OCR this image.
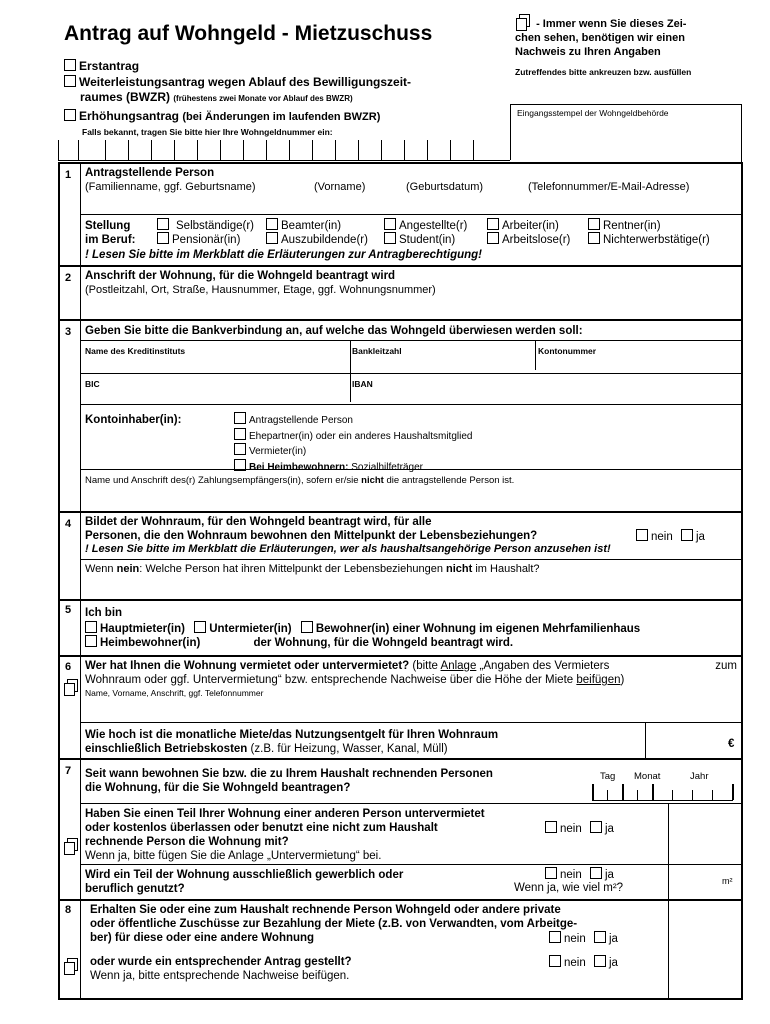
Antrag auf Wohngeld - Mietzuschuss	- Immer wenn Sie dieses Zei-
chen sehen, benötigen wir einen
Nachweis zu Ihren Angaben
Zutreffendes bitte ankreuzen bzw. ausfüllen
Erstantrag
Weiterleistungsantrag wegen Ablauf des Bewilligungszeit-
raumes (BWZR) (frühestens zwei Monate vor Ablauf des BWZR)
Erhöhungsantrag (bei Änderungen im laufenden BWZR)
Falls bekannt, tragen Sie bitte hier Ihre Wohngeldnummer ein:
Eingangsstempel der Wohngeldbehörde
1 Antragstellende Person
(Familienname, ggf. Geburtsname)	(Vorname)	(Geburtsdatum)	(Telefonnummer/E-Mail-Adresse)
Stellung
im Beruf:
Selbständige(r)	Beamter(in)	Angestellte(r)	Arbeiter(in)	Rentner(in)
Pensionär(in)	Auszubildende(r)	Student(in)	Arbeitslose(r)	Nichterwerbstätige(r)
! Lesen Sie bitte im Merkblatt die Erläuterungen zur Antragberechtigung!
2 Anschrift der Wohnung, für die Wohngeld beantragt wird
(Postleitzahl, Ort, Straße, Hausnummer, Etage, ggf. Wohnungsnummer)
3 Geben Sie bitte die Bankverbindung an, auf welche das Wohngeld überwiesen werden soll:
Name des Kreditinstituts	Bankleitzahl	Kontonummer
BIC	IBAN
Kontoinhaber(in):	Antragstellende Person
Ehepartner(in) oder ein anderes Haushaltsmitglied
Vermieter(in)
Bei Heimbewohnern: Sozialhilfeträger
Name und Anschrift des(r) Zahlungsempfängers(in), sofern er/sie nicht die antragstellende Person ist.
4 Bildet der Wohnraum, für den Wohngeld beantragt wird, für alle
Personen, die den Wohnraum bewohnen den Mittelpunkt der Lebensbeziehungen?	nein ja
! Lesen Sie bitte im Merkblatt die Erläuterungen, wer als haushaltsangehörige Person anzusehen ist!
Wenn nein: Welche Person hat ihren Mittelpunkt der Lebensbeziehungen nicht im Haushalt?
5 Ich bin
Hauptmieter(in) Untermieter(in) Bewohner(in) einer Wohnung im eigenen Mehrfamilienhaus
Heimbewohner(in)	der Wohnung, für die Wohngeld beantragt wird.
6 Wer hat Ihnen die Wohnung vermietet oder untervermietet? (bitte Anlage „Angaben des Vermieters	zum
Wohnraum oder ggf. Untervermietung“ bzw. entsprechende Nachweise über die Höhe der Miete beifügen)
Name, Vorname, Anschrift, ggf. Telefonnummer
Wie hoch ist die monatliche Miete/das Nutzungsentgelt für Ihren Wohnraum
einschließlich Betriebskosten (z.B. für Heizung, Wasser, Kanal, Müll)	€
7 Seit wann bewohnen Sie bzw. die zu Ihrem Haushalt rechnenden Personen
die Wohnung, für die Sie Wohngeld beantragen?
Tag Monat	Jahr
Haben Sie einen Teil Ihrer Wohnung einer anderen Person untervermietet
oder kostenlos überlassen oder benutzt eine nicht zum Haushalt
rechnende Person die Wohnung mit?
Wenn ja, bitte fügen Sie die Anlage „Untervermietung“ bei.
nein ja
Wird ein Teil der Wohnung ausschließlich gewerblich oder
beruflich genutzt?
nein ja
Wenn ja, wie viel m²?
m²
8 Erhalten Sie oder eine zum Haushalt rechnende Person Wohngeld oder andere private
oder öffentliche Zuschüsse zur Bezahlung der Miete (z.B. von Verwandten, vom Arbeitge-
ber) für diese oder eine andere Wohnung	nein ja
oder wurde ein entsprechender Antrag gestellt?
Wenn ja, bitte entsprechende Nachweise beifügen.
nein ja
